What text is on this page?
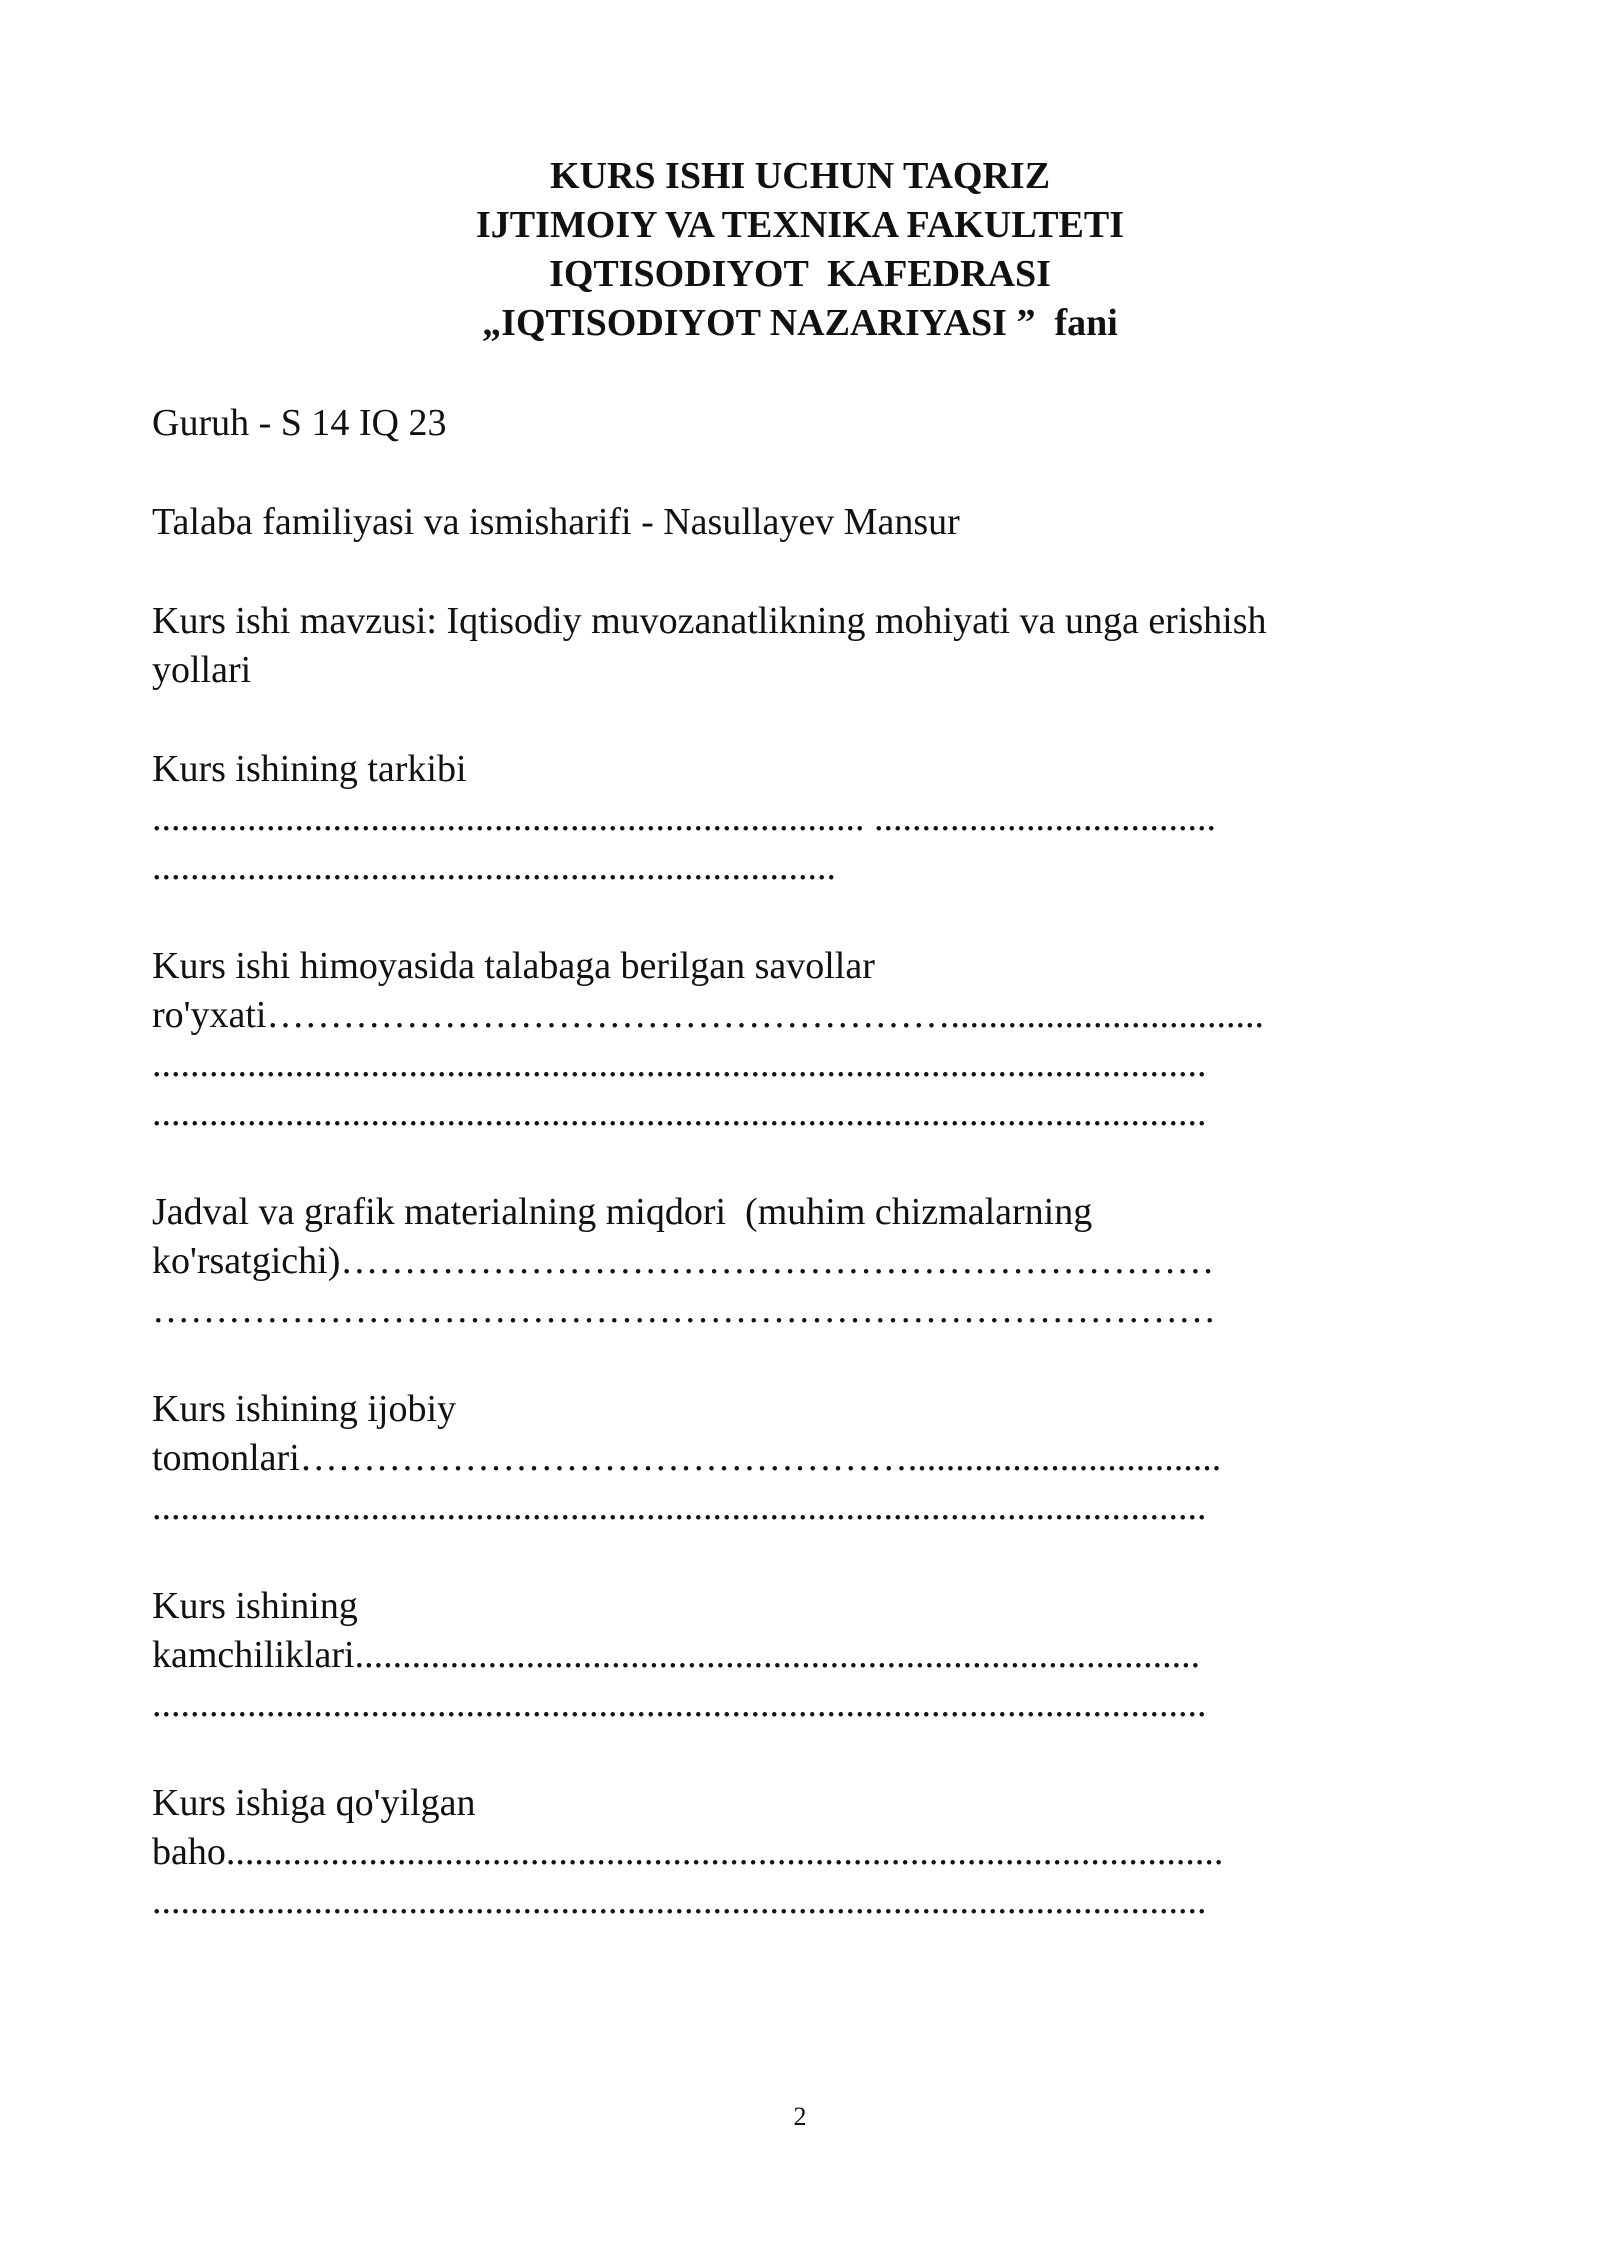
KURS ISHI UCHUN TAQRIZ
IJTIMOIY VA TEXNIKA FAKULTETI
IQTISODIYOT  KAFEDRASI
„IQTISODIYOT NAZARIYASI ”  fani
Guruh - S 14 IQ 23
Talaba familiyasi va ismisharifi - Nasullayev Mansur
Kurs ishi mavzusi: Iqtisodiy muvozanatlikning mohiyati va unga erishish
yollari
Kurs ishining tarkibi
........................................................................... ....................................
........................................................................
Kurs ishi himoyasida talabaga berilgan savollar
ro'yxati……………………………………………….................................
...............................................................................................................
...............................................................................................................
Jadval va grafik materialning miqdori  (muhim chizmalarning
ko'rsatgichi)……………………………………………………………
…………………………………………………………………………
Kurs ishining ijobiy
tomonlari………………………………………….................................
...............................................................................................................
Kurs ishining
kamchiliklari.........................................................................................
...............................................................................................................
Kurs ishiga qo'yilgan
baho.........................................................................................................
...............................................................................................................
2
